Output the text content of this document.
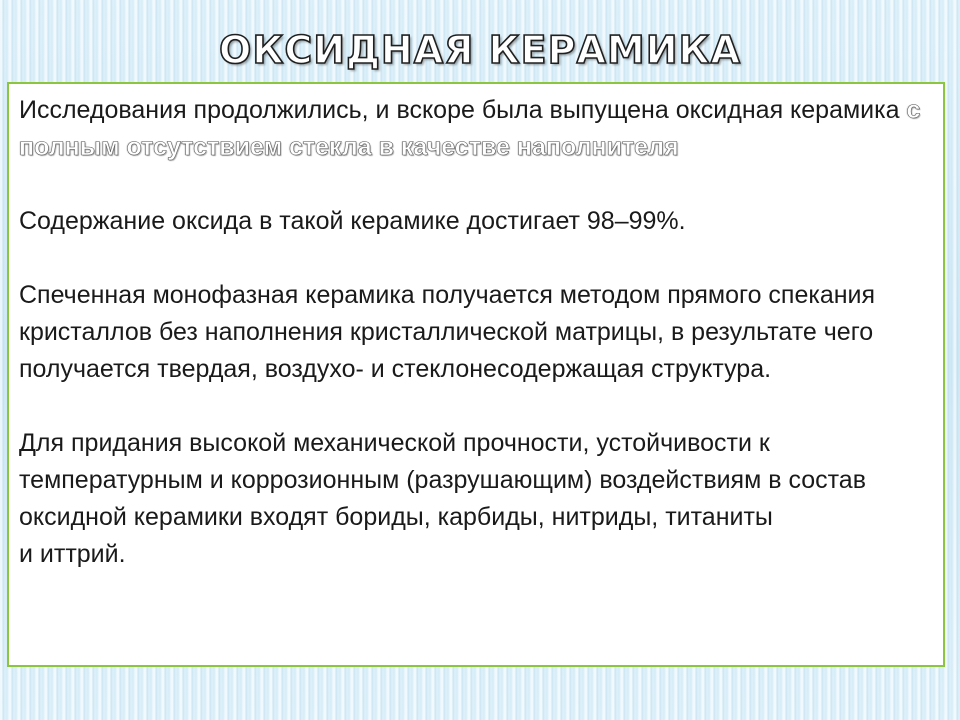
ОКСИДНАЯ КЕРАМИКА

Исследования продолжились, и вскоре была выпущена оксидная керамика с полным отсутствием стекла в качестве наполнителя

Содержание оксида в такой керамике достигает 98–99%.

Спеченная монофазная керамика получается методом прямого спекания кристаллов без наполнения кристаллической матрицы, в результате чего получается твердая, воздухо- и стеклонесодержащая структура.

Для придания высокой механической прочности, устойчивости к температурным и коррозионным (разрушающим) воздействиям в состав оксидной керамики входят бориды, карбиды, нитриды, титаниты
и иттрий.
